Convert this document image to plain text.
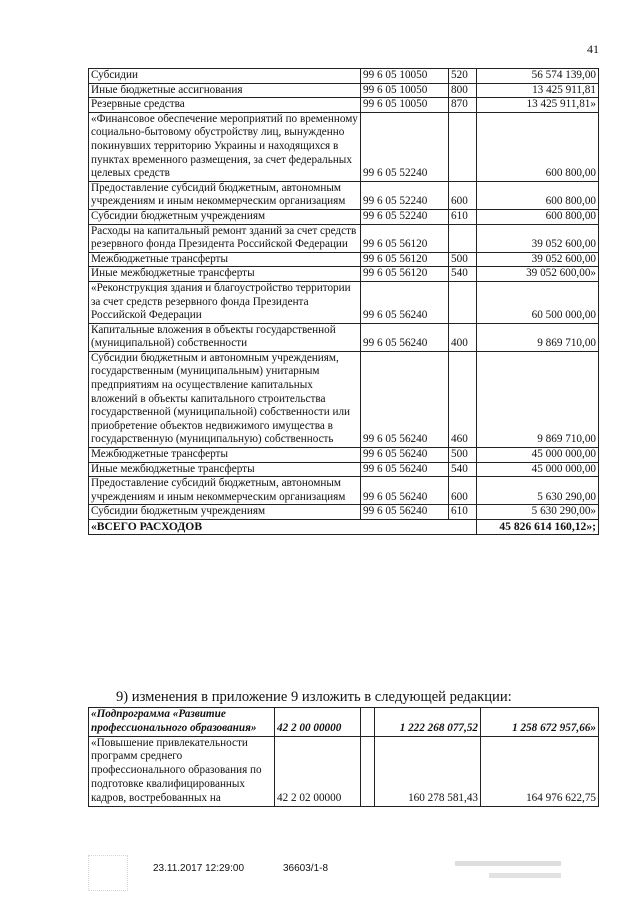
41
Субсидии	99 6 05 10050	520	56 574 139,00
Иные бюджетные ассигнования	99 6 05 10050	800	13 425 911,81
Резервные средства	99 6 05 10050	870	13 425 911,81»
«Финансовое обеспечение мероприятий по временному социально-бытовому обустройству лиц, вынужденно покинувших территорию Украины и находящихся в пунктах временного размещения, за счет федеральных целевых средств	99 6 05 52240		600 800,00
Предоставление субсидий бюджетным, автономным учреждениям и иным некоммерческим организациям	99 6 05 52240	600	600 800,00
Субсидии бюджетным учреждениям	99 6 05 52240	610	600 800,00
Расходы на капитальный ремонт зданий за счет средств резервного фонда Президента Российской Федерации	99 6 05 56120		39 052 600,00
Межбюджетные трансферты	99 6 05 56120	500	39 052 600,00
Иные межбюджетные трансферты	99 6 05 56120	540	39 052 600,00»
«Реконструкция здания и благоустройство территории за счет средств резервного фонда Президента Российской Федерации	99 6 05 56240		60 500 000,00
Капитальные вложения в объекты государственной (муниципальной) собственности	99 6 05 56240	400	9 869 710,00
Субсидии бюджетным и автономным учреждениям, государственным (муниципальным) унитарным предприятиям на осуществление капитальных вложений в объекты капитального строительства государственной (муниципальной) собственности или приобретение объектов недвижимого имущества в государственную (муниципальную) собственность	99 6 05 56240	460	9 869 710,00
Межбюджетные трансферты	99 6 05 56240	500	45 000 000,00
Иные межбюджетные трансферты	99 6 05 56240	540	45 000 000,00
Предоставление субсидий бюджетным, автономным учреждениям и иным некоммерческим организациям	99 6 05 56240	600	5 630 290,00
Субсидии бюджетным учреждениям	99 6 05 56240	610	5 630 290,00»
«ВСЕГО РАСХОДОВ			45 826 614 160,12»;
9) изменения в приложение 9 изложить в следующей редакции:
«Подпрограмма «Развитие профессионального образования»	42 2 00 00000		1 222 268 077,52	1 258 672 957,66»
«Повышение привлекательности программ среднего профессионального образования по подготовке квалифицированных кадров, востребованных на	42 2 02 00000		160 278 581,43	164 976 622,75
23.11.2017 12:29:00	36603/1-8
